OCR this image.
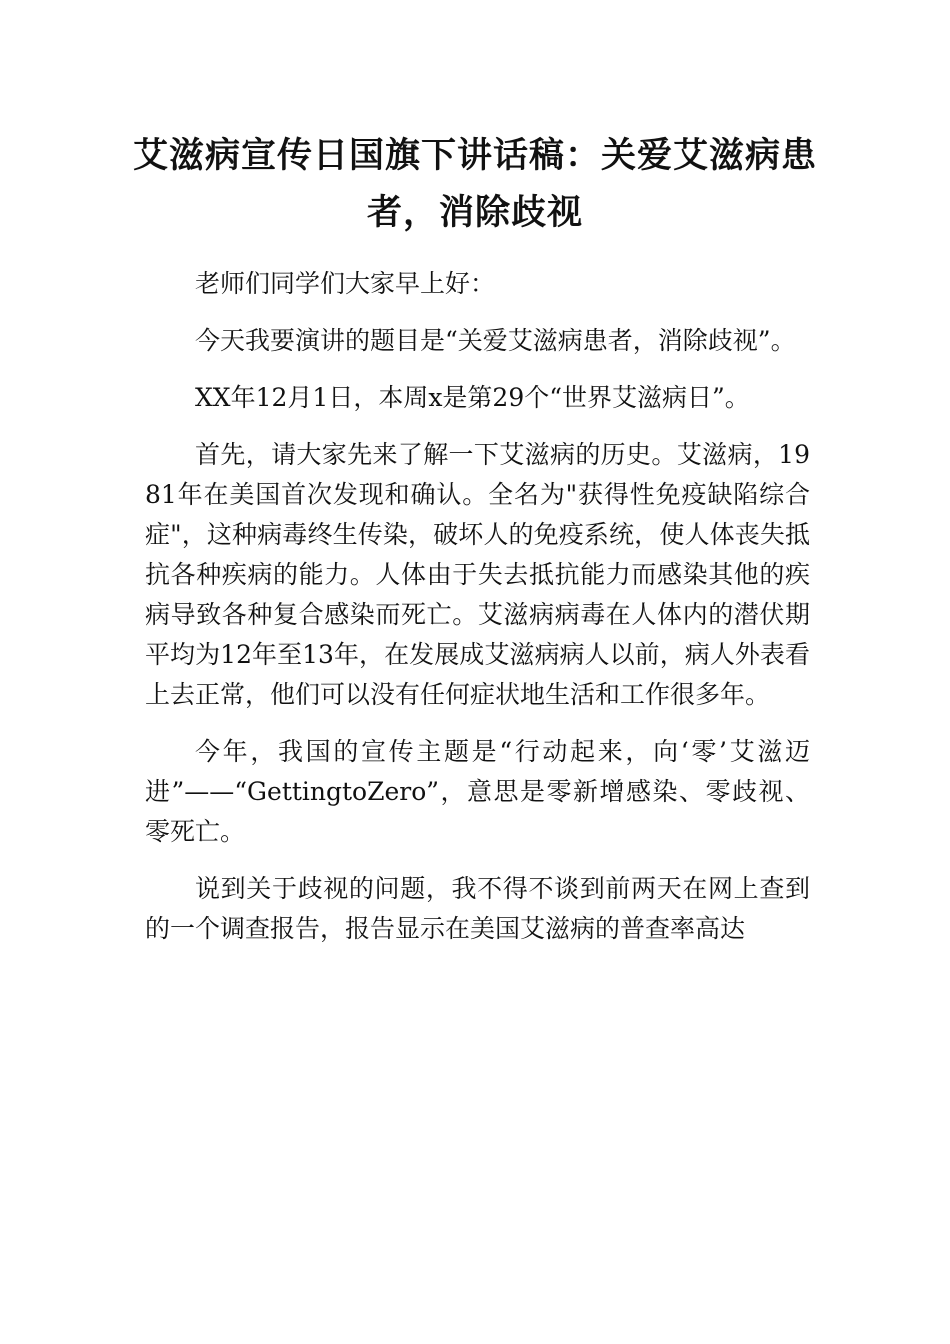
艾滋病宣传日国旗下讲话稿：关爱艾滋病患者，消除歧视

老师们同学们大家早上好：

今天我要演讲的题目是“关爱艾滋病患者，消除歧视”。

XX年12月1日，本周x是第29个“世界艾滋病日”。

首先，请大家先来了解一下艾滋病的历史。艾滋病，1981年在美国首次发现和确认。全名为"获得性免疫缺陷综合症"，这种病毒终生传染，破坏人的免疫系统，使人体丧失抵抗各种疾病的能力。人体由于失去抵抗能力而感染其他的疾病导致各种复合感染而死亡。艾滋病病毒在人体内的潜伏期平均为12年至13年，在发展成艾滋病病人以前，病人外表看上去正常，他们可以没有任何症状地生活和工作很多年。

今年，我国的宣传主题是“行动起来，向‘零’艾滋迈进”——“GettingtoZero”，意思是零新增感染、零歧视、零死亡。

说到关于歧视的问题，我不得不谈到前两天在网上查到的一个调查报告，报告显示在美国艾滋病的普查率高达
